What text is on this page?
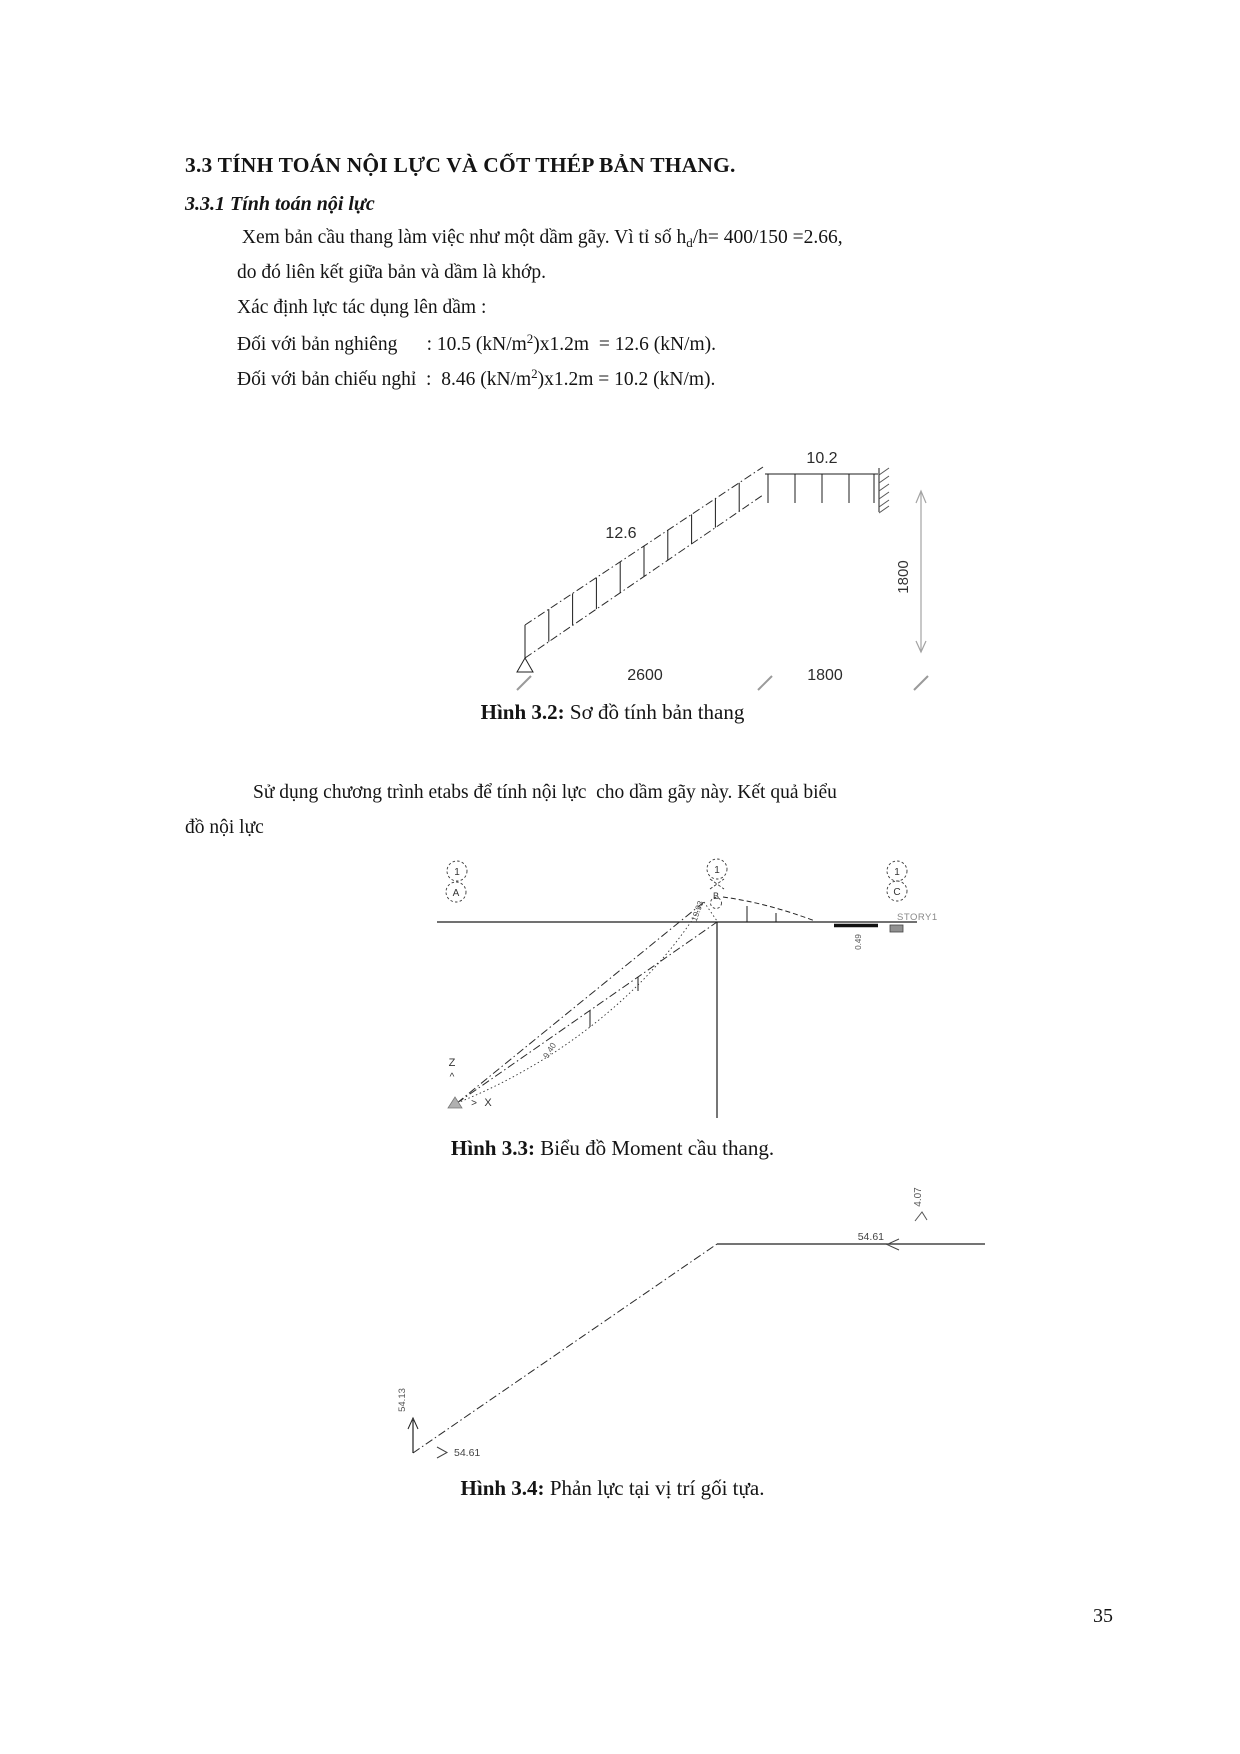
3.3 TÍNH TOÁN NỘI LỰC VÀ CỐT THÉP BẢN THANG.
3.3.1 Tính toán nội lực
Xem bản cầu thang làm việc như một dầm gãy. Vì tỉ số $h_d/h= 400/150 =2.66$,
do đó liên kết giữa bản và dầm là khớp.
Xác định lực tác dụng lên dầm :
Đối với bản nghiêng      : 10.5 $(kN/m^2)x1.2m = 12.6$ (kN/m).
Đối với bản chiếu nghỉ  :  8.46 $(kN/m^2)x1.2m = 10.2$ (kN/m).
12.6
10.2
1800
2600	1800
Hình 3.2: Sơ đồ tính bản thang
Sử dụng chương trình etabs để tính nội lực  cho dầm gãy này. Kết quả biểu
đồ nội lực
1
A
1
B
1
C
0.49
STORY1
19.93
9.40
Z
^
> X
Hình 3.3: Biểu đồ Moment cầu thang.
4.07
54.61
54.13
54.61
Hình 3.4: Phản lực tại vị trí gối tựa.
35
